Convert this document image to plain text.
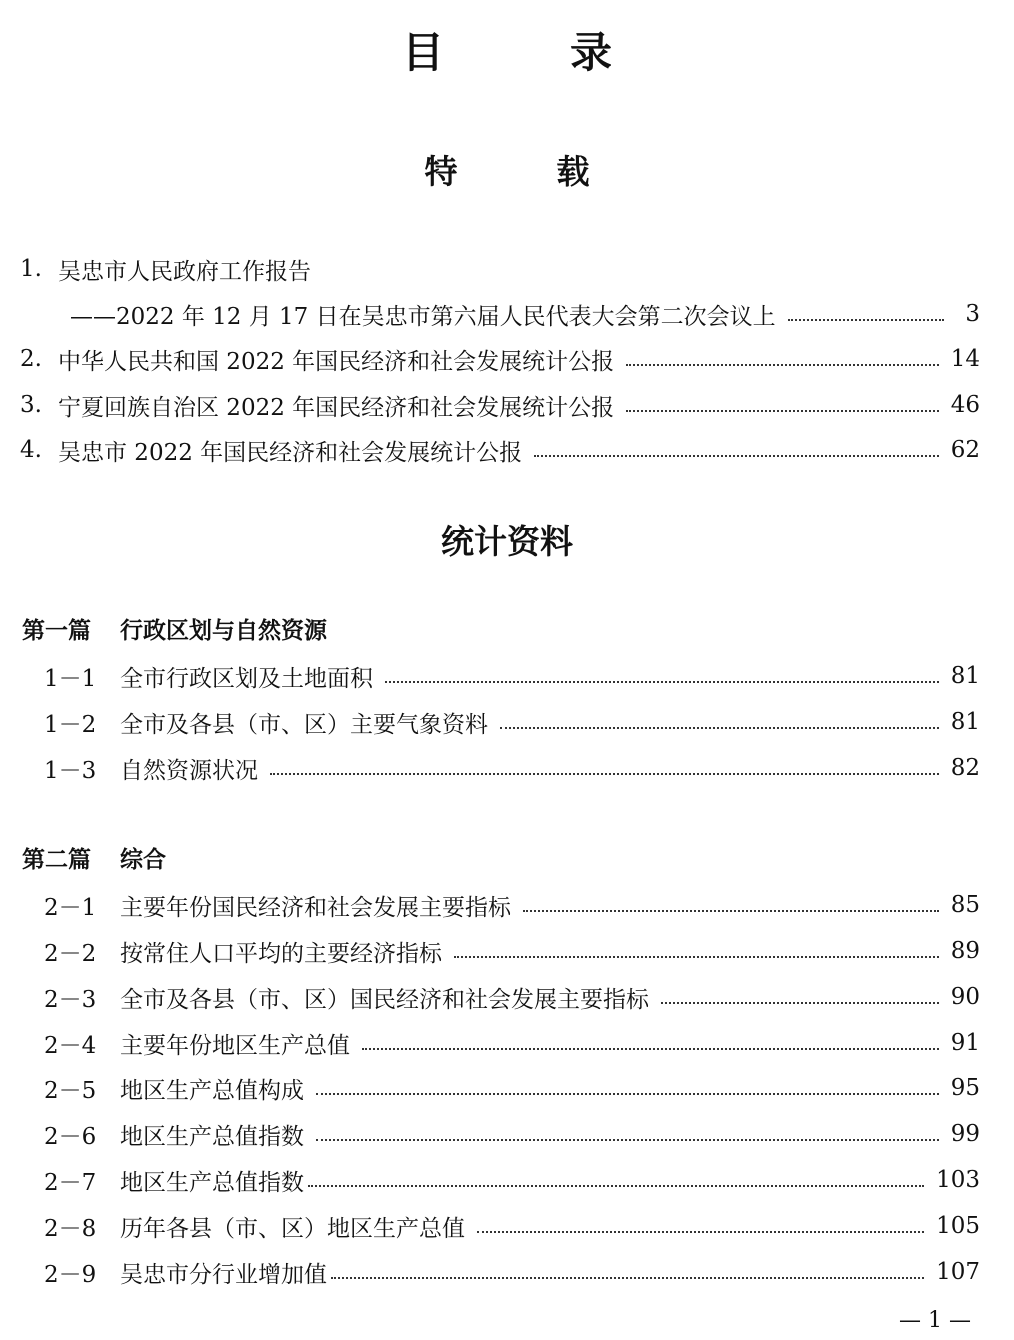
目　　　录
特　　　载
1. 吴忠市人民政府工作报告
——2022 年 12 月 17 日在吴忠市第六届人民代表大会第二次会议上	3
2. 中华人民共和国 2022 年国民经济和社会发展统计公报	14
3. 宁夏回族自治区 2022 年国民经济和社会发展统计公报	46
4. 吴忠市 2022 年国民经济和社会发展统计公报	62
统计资料
第一篇 行政区划与自然资源
1－1	全市行政区划及土地面积	81
1－2	全市及各县（市、区）主要气象资料	81
1－3	自然资源状况	82
第二篇 综合
2－1	主要年份国民经济和社会发展主要指标	85
2－2	按常住人口平均的主要经济指标	89
2－3	全市及各县（市、区）国民经济和社会发展主要指标	90
2－4	主要年份地区生产总值	91
2－5	地区生产总值构成	95
2－6	地区生产总值指数	99
2－7	地区生产总值指数	103
2－8	历年各县（市、区）地区生产总值	105
2－9	吴忠市分行业增加值	107
— 1 —
